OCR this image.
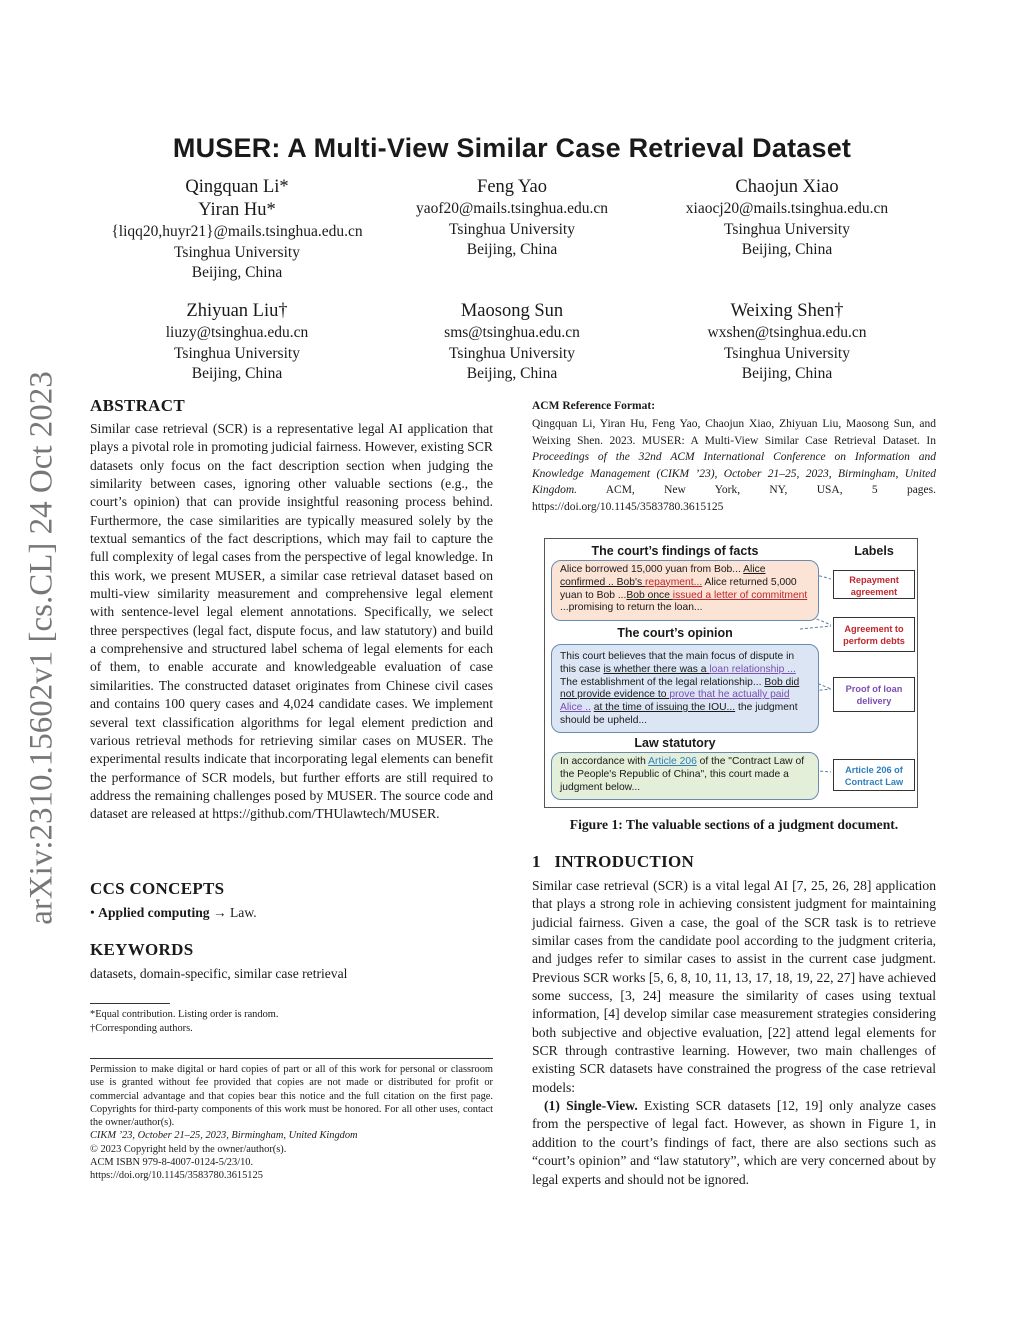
arXiv:2310.15602v1 [cs.CL] 24 Oct 2023
MUSER: A Multi-View Similar Case Retrieval Dataset
Qingquan Li*
Yiran Hu*
{liqq20,huyr21}@mails.tsinghua.edu.cn
Tsinghua University
Beijing, China
Feng Yao
yaof20@mails.tsinghua.edu.cn
Tsinghua University
Beijing, China
Chaojun Xiao
xiaocj20@mails.tsinghua.edu.cn
Tsinghua University
Beijing, China
Zhiyuan Liu†
liuzy@tsinghua.edu.cn
Tsinghua University
Beijing, China
Maosong Sun
sms@tsinghua.edu.cn
Tsinghua University
Beijing, China
Weixing Shen†
wxshen@tsinghua.edu.cn
Tsinghua University
Beijing, China
ABSTRACT
Similar case retrieval (SCR) is a representative legal AI application that plays a pivotal role in promoting judicial fairness. However, existing SCR datasets only focus on the fact description section when judging the similarity between cases, ignoring other valuable sections (e.g., the court’s opinion) that can provide insightful reasoning process behind. Furthermore, the case similarities are typically measured solely by the textual semantics of the fact descriptions, which may fail to capture the full complexity of legal cases from the perspective of legal knowledge. In this work, we present MUSER, a similar case retrieval dataset based on multi-view similarity measurement and comprehensive legal element with sentence-level legal element annotations. Specifically, we select three perspectives (legal fact, dispute focus, and law statutory) and build a comprehensive and structured label schema of legal elements for each of them, to enable accurate and knowledgeable evaluation of case similarities. The constructed dataset originates from Chinese civil cases and contains 100 query cases and 4,024 candidate cases. We implement several text classification algorithms for legal element prediction and various retrieval methods for retrieving similar cases on MUSER. The experimental results indicate that incorporating legal elements can benefit the performance of SCR models, but further efforts are still required to address the remaining challenges posed by MUSER. The source code and dataset are released at https://github.com/THUlawtech/MUSER.
CCS CONCEPTS
• Applied computing → Law.
KEYWORDS
datasets, domain-specific, similar case retrieval
*Equal contribution. Listing order is random.
†Corresponding authors.
Permission to make digital or hard copies of part or all of this work for personal or classroom use is granted without fee provided that copies are not made or distributed for profit or commercial advantage and that copies bear this notice and the full citation on the first page. Copyrights for third-party components of this work must be honored. For all other uses, contact the owner/author(s).
CIKM ’23, October 21–25, 2023, Birmingham, United Kingdom
© 2023 Copyright held by the owner/author(s).
ACM ISBN 979-8-4007-0124-5/23/10.
https://doi.org/10.1145/3583780.3615125
ACM Reference Format:
Qingquan Li, Yiran Hu, Feng Yao, Chaojun Xiao, Zhiyuan Liu, Maosong Sun, and Weixing Shen. 2023. MUSER: A Multi-View Similar Case Retrieval Dataset. In Proceedings of the 32nd ACM International Conference on Information and Knowledge Management (CIKM ’23), October 21–25, 2023, Birmingham, United Kingdom. ACM, New York, NY, USA, 5 pages. https://doi.org/10.1145/3583780.3615125
The court’s findings of facts	Labels
Alice borrowed 15,000 yuan from Bob... Alice confirmed .. Bob's repayment... Alice returned 5,000 yuan to Bob ...Bob once issued a letter of commitment ...promising to return the loan...
The court’s opinion
This court believes that the main focus of dispute in this case is whether there was a loan relationship ... The establishment of the legal relationship... Bob did not provide evidence to prove that he actually paid Alice .. at the time of issuing the IOU... the judgment should be upheld...
Law statutory
In accordance with Article 206 of the "Contract Law of the People's Republic of China", this court made a judgment below...
Repayment agreement
Agreement to perform debts
Proof of loan delivery
Article 206 of Contract Law
Figure 1: The valuable sections of a judgment document.
1 INTRODUCTION
Similar case retrieval (SCR) is a vital legal AI [7, 25, 26, 28] application that plays a strong role in achieving consistent judgment for maintaining judicial fairness. Given a case, the goal of the SCR task is to retrieve similar cases from the candidate pool according to the judgment criteria, and judges refer to similar cases to assist in the current case judgment. Previous SCR works [5, 6, 8, 10, 11, 13, 17, 18, 19, 22, 27] have achieved some success, [3, 24] measure the similarity of cases using textual information, [4] develop similar case measurement strategies considering both subjective and objective evaluation, [22] attend legal elements for SCR through contrastive learning. However, two main challenges of existing SCR datasets have constrained the progress of the case retrieval models:
(1) Single-View. Existing SCR datasets [12, 19] only analyze cases from the perspective of legal fact. However, as shown in Figure 1, in addition to the court’s findings of fact, there are also sections such as “court’s opinion” and “law statutory”, which are very concerned about by legal experts and should not be ignored.
